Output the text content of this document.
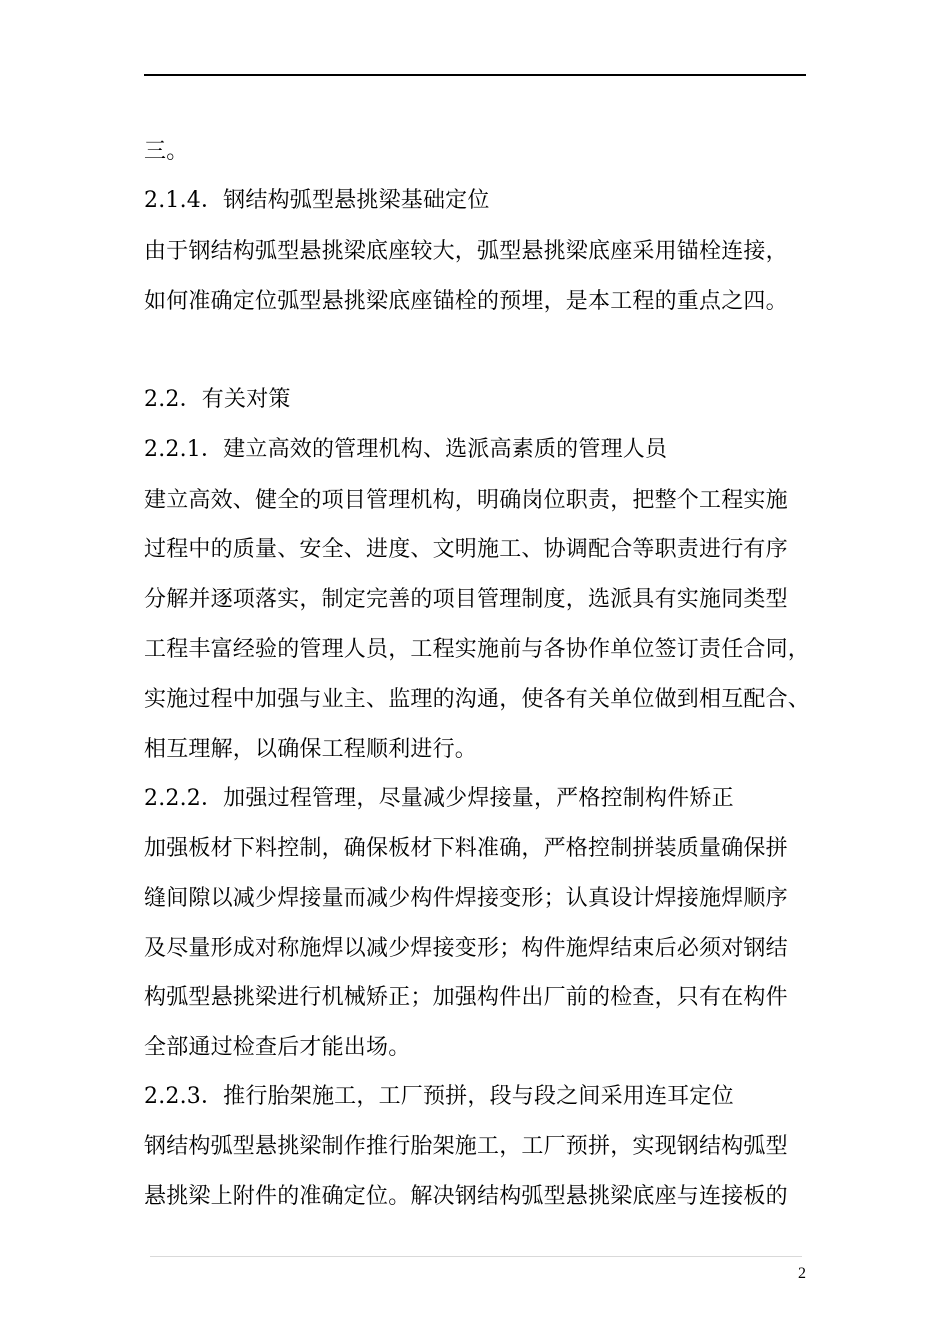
三。
2.1.4．钢结构弧型悬挑梁基础定位
由于钢结构弧型悬挑梁底座较大，弧型悬挑梁底座采用锚栓连接，
如何准确定位弧型悬挑梁底座锚栓的预埋，是本工程的重点之四。
2.2．有关对策
2.2.1．建立高效的管理机构、选派高素质的管理人员
建立高效、健全的项目管理机构，明确岗位职责，把整个工程实施
过程中的质量、安全、进度、文明施工、协调配合等职责进行有序
分解并逐项落实，制定完善的项目管理制度，选派具有实施同类型
工程丰富经验的管理人员，工程实施前与各协作单位签订责任合同，
实施过程中加强与业主、监理的沟通，使各有关单位做到相互配合、
相互理解，以确保工程顺利进行。
2.2.2．加强过程管理，尽量减少焊接量，严格控制构件矫正
加强板材下料控制，确保板材下料准确，严格控制拼装质量确保拼
缝间隙以减少焊接量而减少构件焊接变形；认真设计焊接施焊顺序
及尽量形成对称施焊以减少焊接变形；构件施焊结束后必须对钢结
构弧型悬挑梁进行机械矫正；加强构件出厂前的检查，只有在构件
全部通过检查后才能出场。
2.2.3．推行胎架施工，工厂预拼，段与段之间采用连耳定位
钢结构弧型悬挑梁制作推行胎架施工，工厂预拼，实现钢结构弧型
悬挑梁上附件的准确定位。解决钢结构弧型悬挑梁底座与连接板的
2
